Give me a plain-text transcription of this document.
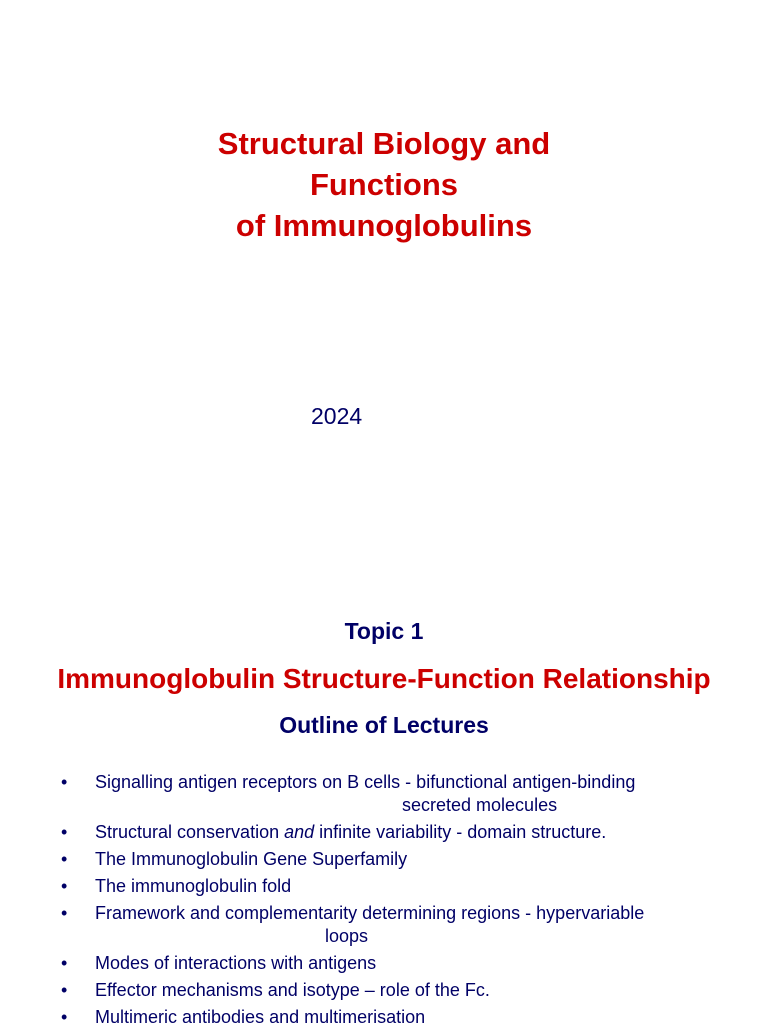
Structural Biology and
Functions
of Immunoglobulins
2024
Topic 1
Immunoglobulin Structure-Function Relationship
Outline of Lectures
• Signalling antigen receptors on B cells - bifunctional antigen-binding
secreted molecules
• Structural conservation and infinite variability - domain structure.
• The Immunoglobulin Gene Superfamily
• The immunoglobulin fold
• Framework and complementarity determining regions - hypervariable
loops
• Modes of interactions with antigens
• Effector mechanisms and isotype – role of the Fc.
• Multimeric antibodies and multimerisation
